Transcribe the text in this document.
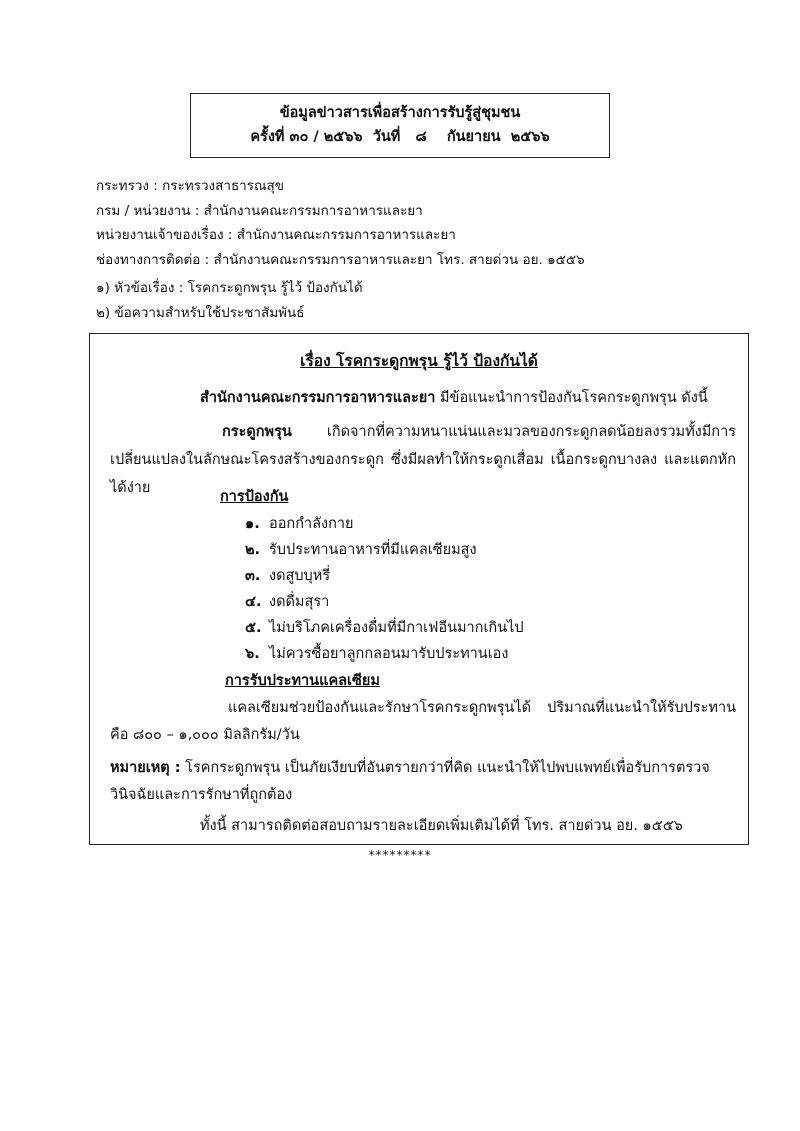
ข้อมูลข่าวสารเพื่อสร้างการรับรู้สู่ชุมชน
ครั้งที่ ๓๐ / ๒๕๖๖  วันที่   ๘    กันยายน  ๒๕๖๖
กระทรวง : กระทรวงสาธารณสุข
กรม / หน่วยงาน : สำนักงานคณะกรรมการอาหารและยา
หน่วยงานเจ้าของเรื่อง : สำนักงานคณะกรรมการอาหารและยา
ช่องทางการติดต่อ : สำนักงานคณะกรรมการอาหารและยา โทร. สายด่วน อย. ๑๕๕๖
๑) หัวข้อเรื่อง : โรคกระดูกพรุน รู้ไว้ ป้องกันได้
๒) ข้อความสำหรับใช้ประชาสัมพันธ์
เรื่อง โรคกระดูกพรุน รู้ไว้ ป้องกันได้
สำนักงานคณะกรรมการอาหารและยา มีข้อแนะนำการป้องกันโรคกระดูกพรุน ดังนี้
กระดูกพรุน เกิดจากที่ความหนาแน่นและมวลของกระดูกลดน้อยลงรวมทั้งมีการเปลี่ยนแปลงในลักษณะโครงสร้างของกระดูก ซึ่งมีผลทำให้กระดูกเสื่อม เนื้อกระดูกบางลง และแตกหักได้ง่าย
การป้องกัน
๑. ออกกำลังกาย
๒. รับประทานอาหารที่มีแคลเซียมสูง
๓. งดสูบบุหรี่
๔. งดดื่มสุรา
๕. ไม่บริโภคเครื่องดื่มที่มีกาเฟอีนมากเกินไป
๖. ไม่ควรซื้อยาลูกกลอนมารับประทานเอง
การรับประทานแคลเซียม
แคลเซียมช่วยป้องกันและรักษาโรคกระดูกพรุนได้ ปริมาณที่แนะนำให้รับประทานคือ ๘๐๐ – ๑,๐๐๐ มิลลิกรัม/วัน
หมายเหตุ : โรคกระดูกพรุน เป็นภัยเงียบที่อันตรายกว่าที่คิด แนะนำให้ไปพบแพทย์เพื่อรับการตรวจวินิจฉัยและการรักษาที่ถูกต้อง
ทั้งนี้ สามารถติดต่อสอบถามรายละเอียดเพิ่มเติมได้ที่ โทร. สายด่วน อย. ๑๕๕๖
*********
